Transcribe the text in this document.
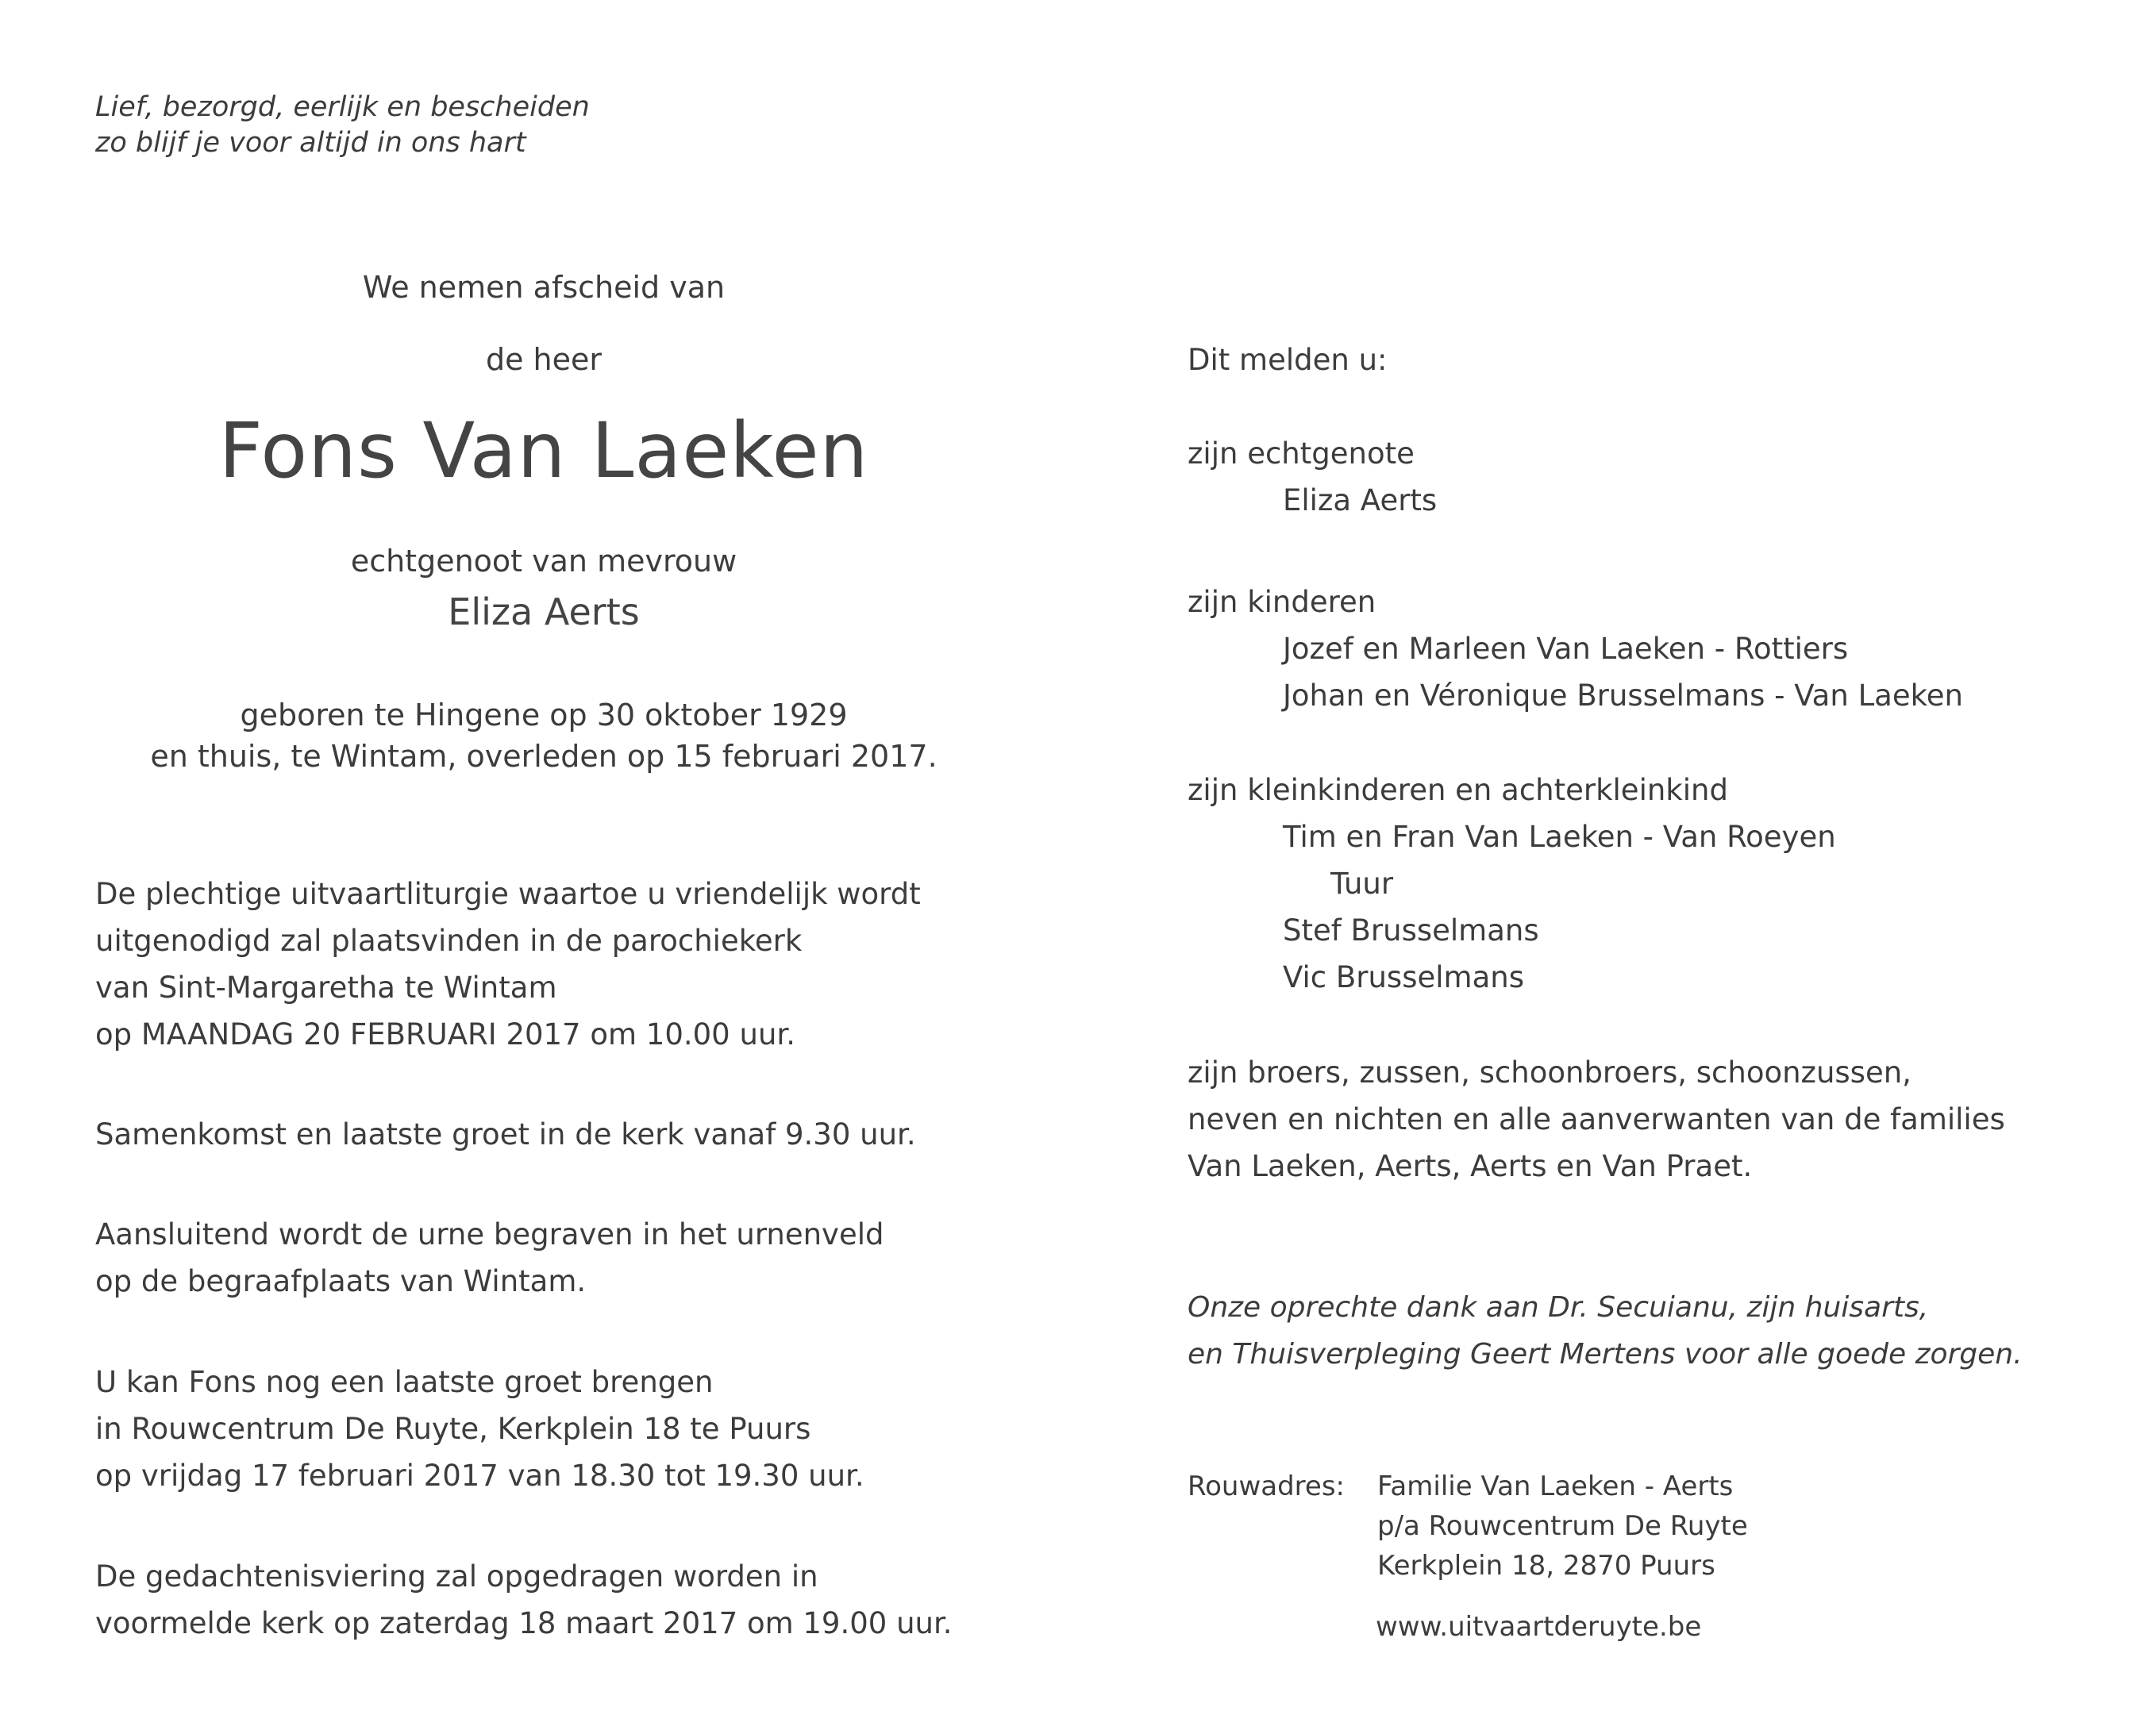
Lief, bezorgd, eerlijk en bescheiden
zo blijf je voor altijd in ons hart
We nemen afscheid van
de heer
Fons Van Laeken
echtgenoot van mevrouw
Eliza Aerts
geboren te Hingene op 30 oktober 1929
en thuis, te Wintam, overleden op 15 februari 2017.
De plechtige uitvaartliturgie waartoe u vriendelijk wordt
uitgenodigd zal plaatsvinden in de parochiekerk
van Sint-Margaretha te Wintam
op MAANDAG 20 FEBRUARI 2017 om 10.00 uur.
Samenkomst en laatste groet in de kerk vanaf 9.30 uur.
Aansluitend wordt de urne begraven in het urnenveld
op de begraafplaats van Wintam.
U kan Fons nog een laatste groet brengen
in Rouwcentrum De Ruyte, Kerkplein 18 te Puurs
op vrijdag 17 februari 2017 van 18.30 tot 19.30 uur.
De gedachtenisviering zal opgedragen worden in
voormelde kerk op zaterdag 18 maart 2017 om 19.00 uur.
Dit melden u:
zijn echtgenote
Eliza Aerts
zijn kinderen
Jozef en Marleen Van Laeken - Rottiers
Johan en Véronique Brusselmans - Van Laeken
zijn kleinkinderen en achterkleinkind
Tim en Fran Van Laeken - Van Roeyen
Tuur
Stef Brusselmans
Vic Brusselmans
zijn broers, zussen, schoonbroers, schoonzussen,
neven en nichten en alle aanverwanten van de families
Van Laeken, Aerts, Aerts en Van Praet.
Onze oprechte dank aan Dr. Secuianu, zijn huisarts,
en Thuisverpleging Geert Mertens voor alle goede zorgen.
Rouwadres: Familie Van Laeken - Aerts
p/a Rouwcentrum De Ruyte
Kerkplein 18, 2870 Puurs
www.uitvaartderuyte.be
